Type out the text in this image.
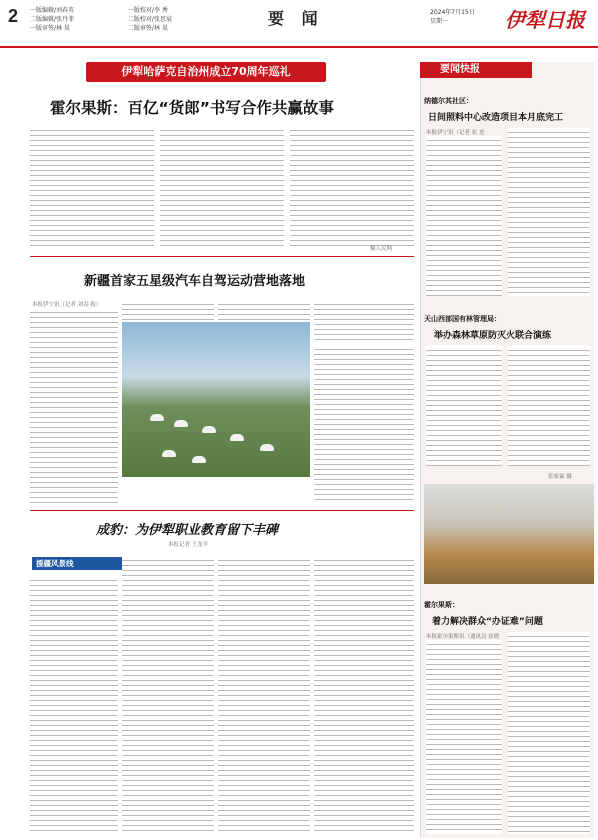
2 一版编辑/刘春英	一版校对/李 秀 二版编辑/张丹菲	二版校对/张思宸 一版审签/林 昊	二版审签/林 昊
要 闻	2024年7月15日
星期一	伊犁日报
伊犁哈萨克自治州成立70周年巡礼
霍尔果斯：百亿“货郎”书写合作共赢故事
摄人民网
新疆首家五星级汽车自驾运动营地落地
本报伊宁讯（记者 刘春 报）
成豹：为伊犁职业教育留下丰碑
本报记者 王龙平
援疆风景线
要闻快报
纳德尔其社区：
日间照料中心改造项目本月底完工
本报伊宁讯（记者 崔 进
天山西部国有林管理局：
举办森林草原防灭火联合演练
张家霖 摄
霍尔果斯：
着力解决群众“办证难”问题
本报霍尔果斯讯（通讯员 崔晓
